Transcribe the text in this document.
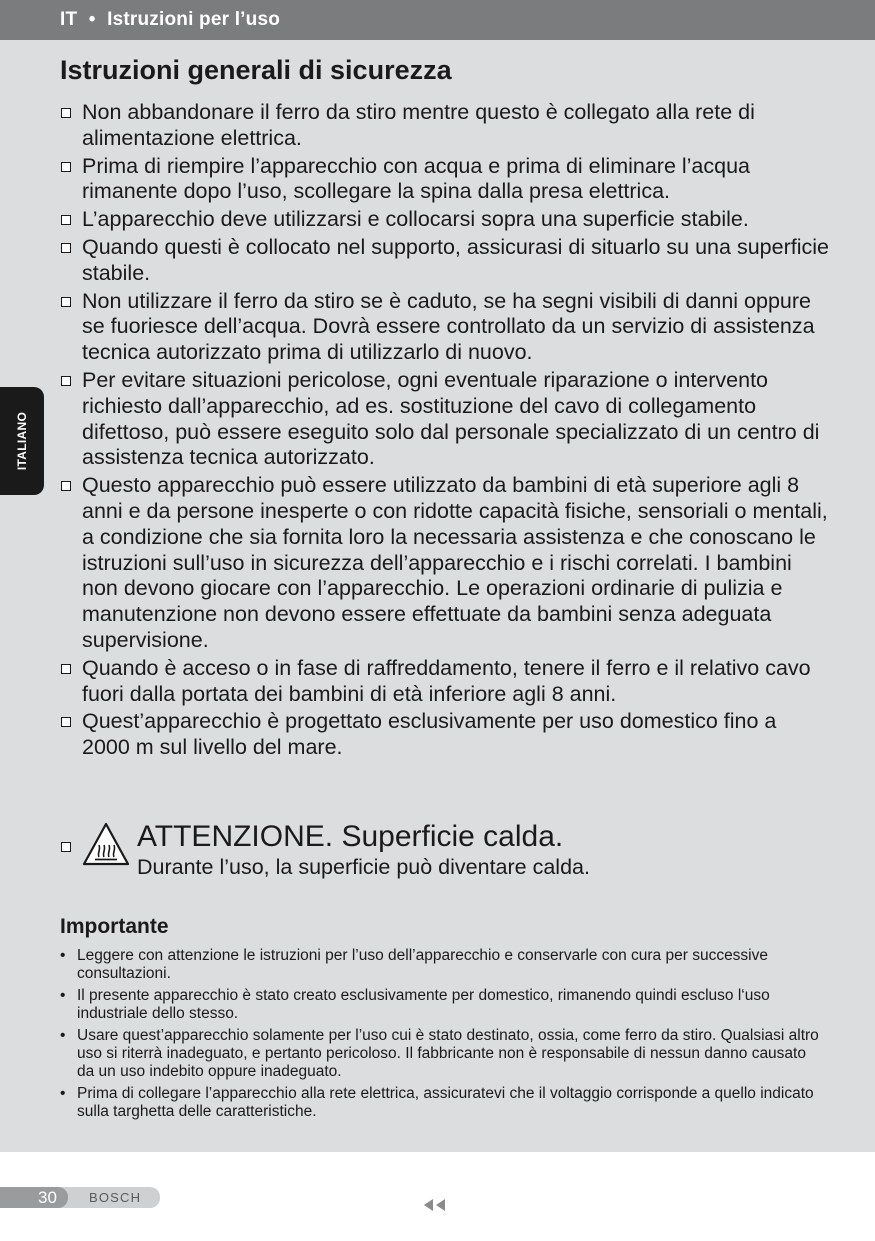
IT • Istruzioni per l’uso
ITALIANO
Istruzioni generali di sicurezza
Non abbandonare il ferro da stiro mentre questo è collegato alla rete di alimentazione elettrica.
Prima di riempire l’apparecchio con acqua e prima di eliminare l’acqua rimanente dopo l’uso, scollegare la spina dalla presa elettrica.
L’apparecchio deve utilizzarsi e collocarsi sopra una superficie stabile.
Quando questi è collocato nel supporto, assicurasi di situarlo su una superficie stabile.
Non utilizzare il ferro da stiro se è caduto, se ha segni visibili di danni oppure se fuoriesce dell’acqua. Dovrà essere controllato da un servizio di assistenza tecnica autorizzato prima di utilizzarlo di nuovo.
Per evitare situazioni pericolose, ogni eventuale riparazione o intervento richiesto dall’apparecchio, ad es. sostituzione del cavo di collegamento difettoso, può essere eseguito solo dal personale specializzato di un centro di assistenza tecnica autorizzato.
Questo apparecchio può essere utilizzato da bambini di età superiore agli 8 anni e da persone inesperte o con ridotte capacità fisiche, sensoriali o mentali, a condizione che sia fornita loro la necessaria assistenza e che conoscano le istruzioni sull’uso in sicurezza dell’apparecchio e i rischi correlati. I bambini non devono giocare con l’apparecchio. Le operazioni ordinarie di pulizia e manutenzione non devono essere effettuate da bambini senza adeguata supervisione.
Quando è acceso o in fase di raffreddamento, tenere il ferro e il relativo cavo fuori dalla portata dei bambini di età inferiore agli 8 anni.
Quest’apparecchio è progettato esclusivamente per uso domestico fino a 2000 m sul livello del mare.
ATTENZIONE. Superficie calda.
Durante l’uso, la superficie può diventare calda.
Importante
• Leggere con attenzione le istruzioni per l’uso dell’apparecchio e conservarle con cura per successive consultazioni.
• Il presente apparecchio è stato creato esclusivamente per domestico, rimanendo quindi escluso l‘uso industriale dello stesso.
• Usare quest’apparecchio solamente per l’uso cui è stato destinato, ossia, come ferro da stiro. Qualsiasi altro uso si riterrà inadeguato, e pertanto pericoloso. Il fabbricante non è responsabile di nessun danno causato da un uso indebito oppure inadeguato.
• Prima di collegare l’apparecchio alla rete elettrica, assicuratevi che il voltaggio corrisponde a quello indicato sulla targhetta delle caratteristiche.
30 BOSCH
